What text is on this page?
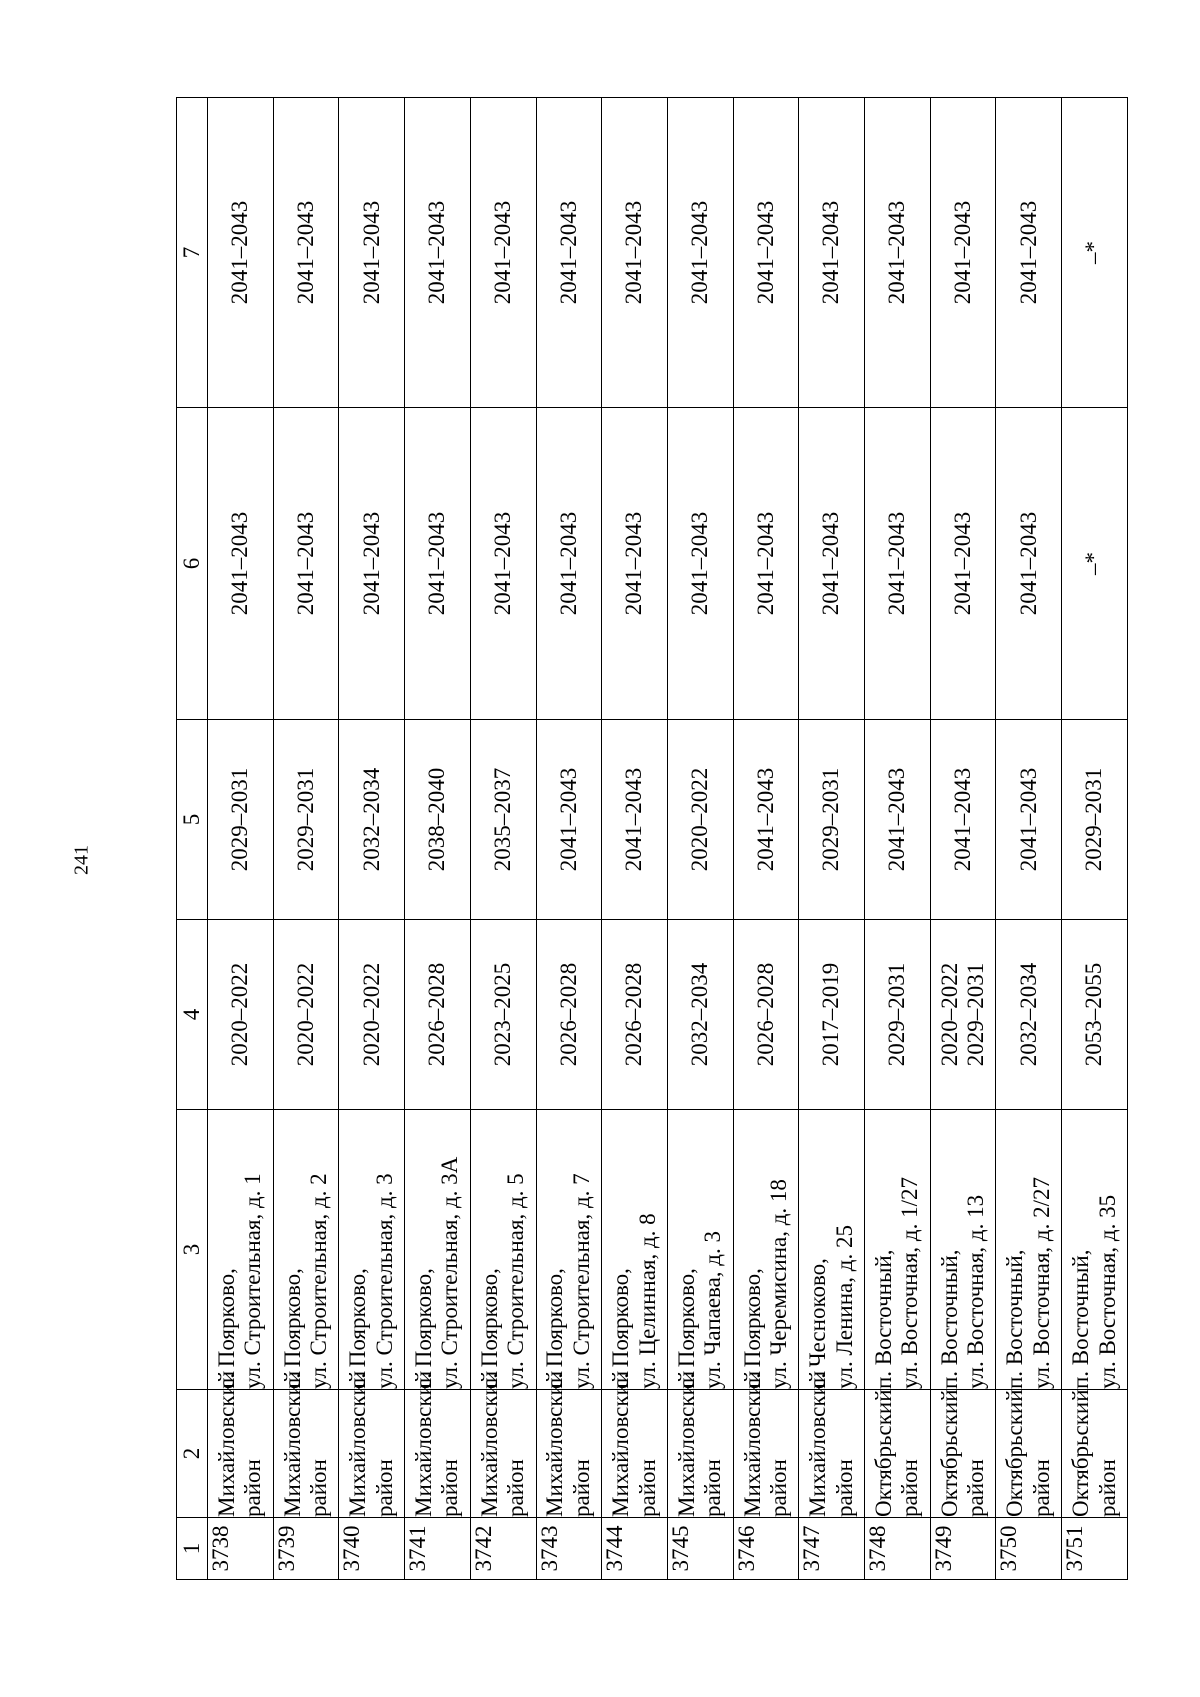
241
1	2	3	4	5	6	7
3738	Михайловский район	с. Поярково, ул. Строительная, д. 1	2020–2022	2029–2031	2041–2043	2041–2043
3739	Михайловский район	с. Поярково, ул. Строительная, д. 2	2020–2022	2029–2031	2041–2043	2041–2043
3740	Михайловский район	с. Поярково, ул. Строительная, д. 3	2020–2022	2032–2034	2041–2043	2041–2043
3741	Михайловский район	с. Поярково, ул. Строительная, д. 3А	2026–2028	2038–2040	2041–2043	2041–2043
3742	Михайловский район	с. Поярково, ул. Строительная, д. 5	2023–2025	2035–2037	2041–2043	2041–2043
3743	Михайловский район	с. Поярково, ул. Строительная, д. 7	2026–2028	2041–2043	2041–2043	2041–2043
3744	Михайловский район	с. Поярково, ул. Целинная, д. 8	2026–2028	2041–2043	2041–2043	2041–2043
3745	Михайловский район	с. Поярково, ул. Чапаева, д. 3	2032–2034	2020–2022	2041–2043	2041–2043
3746	Михайловский район	с. Поярково, ул. Черемисина, д. 18	2026–2028	2041–2043	2041–2043	2041–2043
3747	Михайловский район	с. Чесноково, ул. Ленина, д. 25	2017–2019	2029–2031	2041–2043	2041–2043
3748	Октябрьский район	п. Восточный, ул. Восточная, д. 1/27	2029–2031	2041–2043	2041–2043	2041–2043
3749	Октябрьский район	п. Восточный, ул. Восточная, д. 13	2020–2022 2029–2031	2041–2043	2041–2043	2041–2043
3750	Октябрьский район	п. Восточный, ул. Восточная, д. 2/27	2032–2034	2041–2043	2041–2043	2041–2043
3751	Октябрьский район	п. Восточный, ул. Восточная, д. 35	2053–2055	2029–2031	–*	–*
